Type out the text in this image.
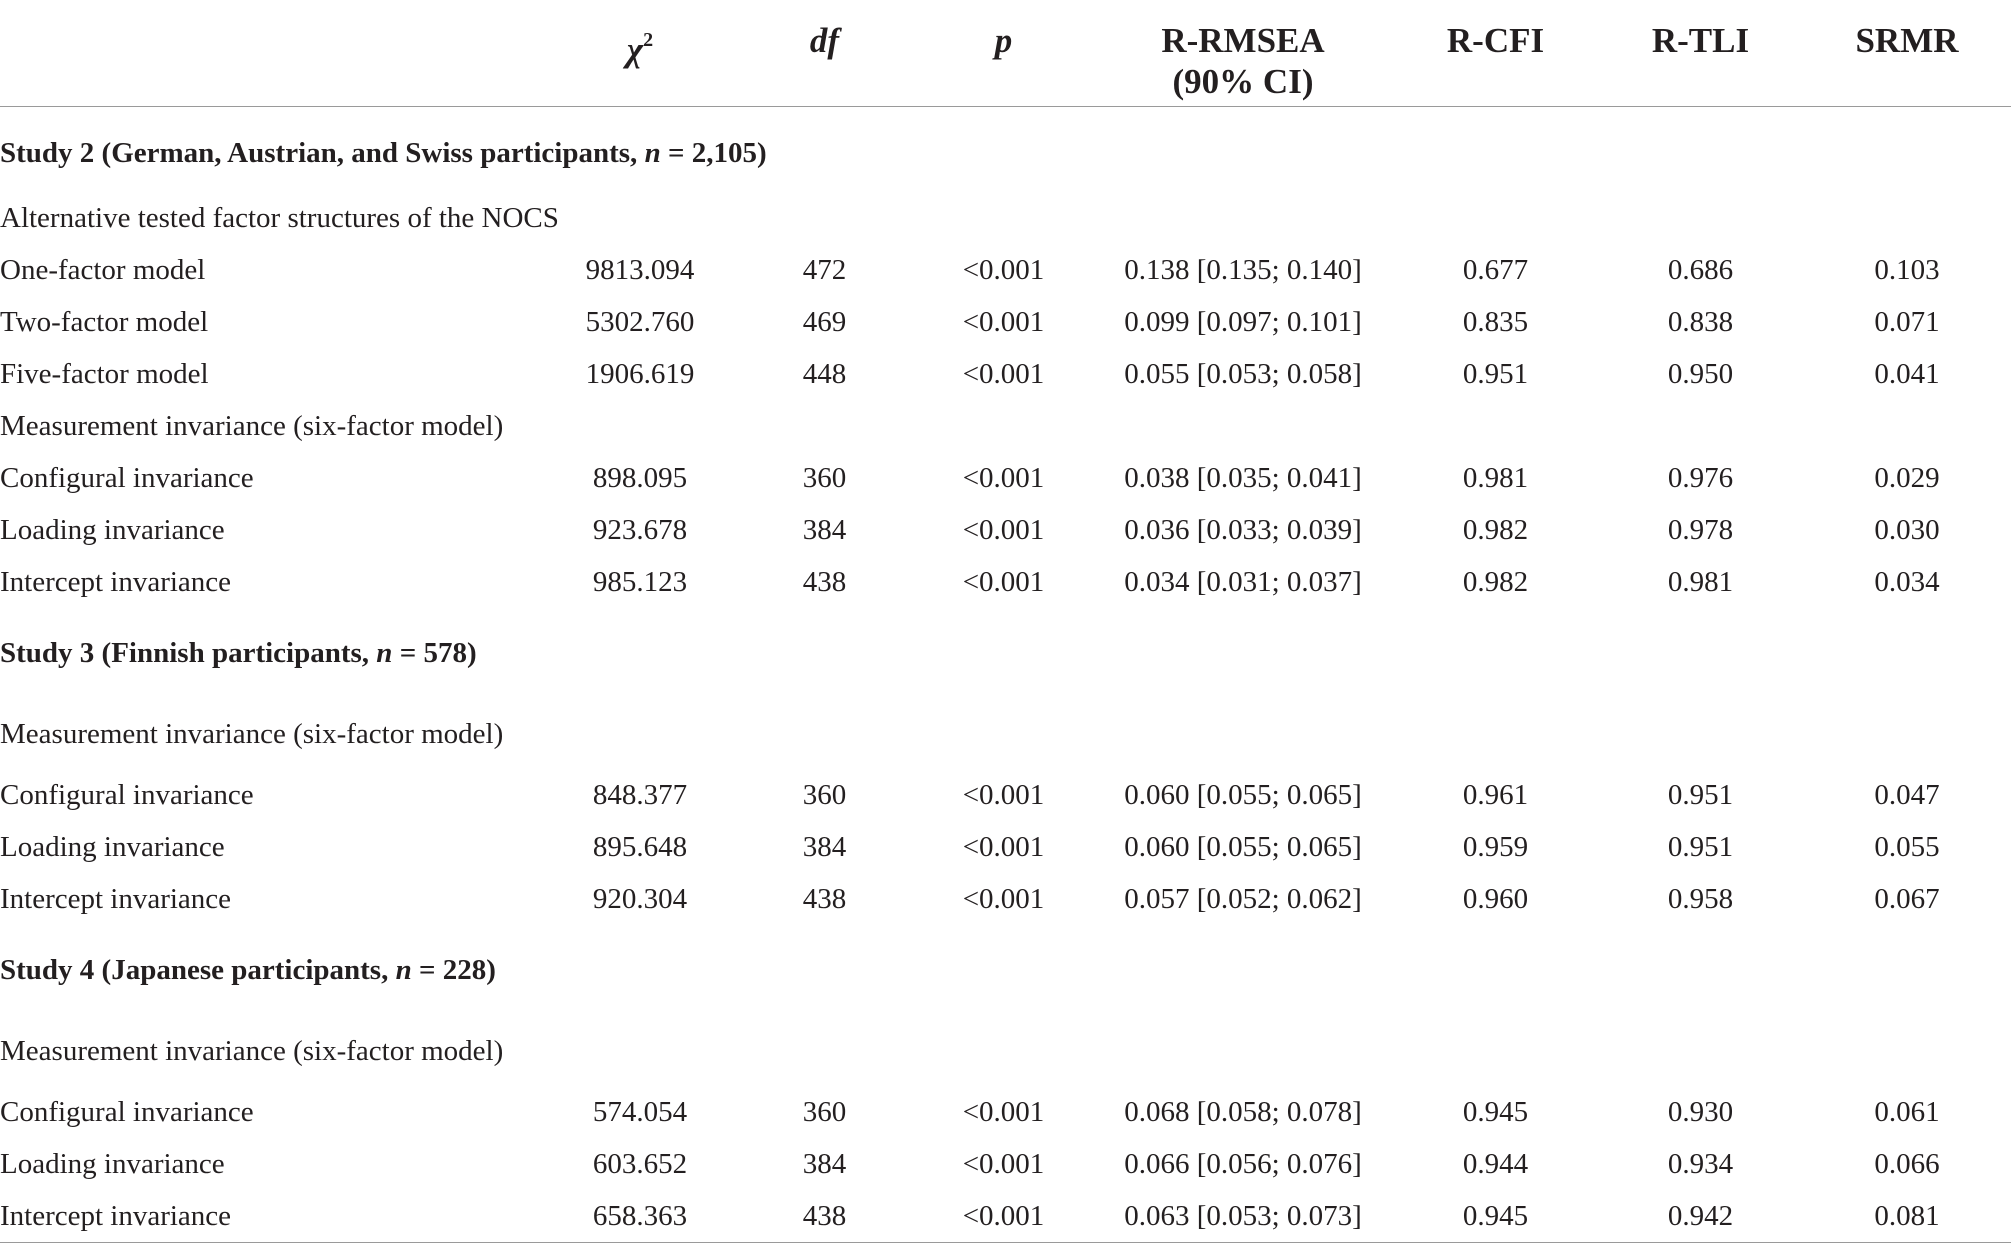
	$\chi^2$	df	p	R-RMSEA (90% CI)	R-CFI	R-TLI	SRMR
Study 2 (German, Austrian, and Swiss participants, n = 2,105)							
Alternative tested factor structures of the NOCS							
One-factor model	9813.094	472	<0.001	0.138 [0.135; 0.140]	0.677	0.686	0.103
Two-factor model	5302.760	469	<0.001	0.099 [0.097; 0.101]	0.835	0.838	0.071
Five-factor model	1906.619	448	<0.001	0.055 [0.053; 0.058]	0.951	0.950	0.041
Measurement invariance (six-factor model)							
Configural invariance	898.095	360	<0.001	0.038 [0.035; 0.041]	0.981	0.976	0.029
Loading invariance	923.678	384	<0.001	0.036 [0.033; 0.039]	0.982	0.978	0.030
Intercept invariance	985.123	438	<0.001	0.034 [0.031; 0.037]	0.982	0.981	0.034
Study 3 (Finnish participants, n = 578)							
Measurement invariance (six-factor model)							
Configural invariance	848.377	360	<0.001	0.060 [0.055; 0.065]	0.961	0.951	0.047
Loading invariance	895.648	384	<0.001	0.060 [0.055; 0.065]	0.959	0.951	0.055
Intercept invariance	920.304	438	<0.001	0.057 [0.052; 0.062]	0.960	0.958	0.067
Study 4 (Japanese participants, n = 228)							
Measurement invariance (six-factor model)							
Configural invariance	574.054	360	<0.001	0.068 [0.058; 0.078]	0.945	0.930	0.061
Loading invariance	603.652	384	<0.001	0.066 [0.056; 0.076]	0.944	0.934	0.066
Intercept invariance	658.363	438	<0.001	0.063 [0.053; 0.073]	0.945	0.942	0.081
